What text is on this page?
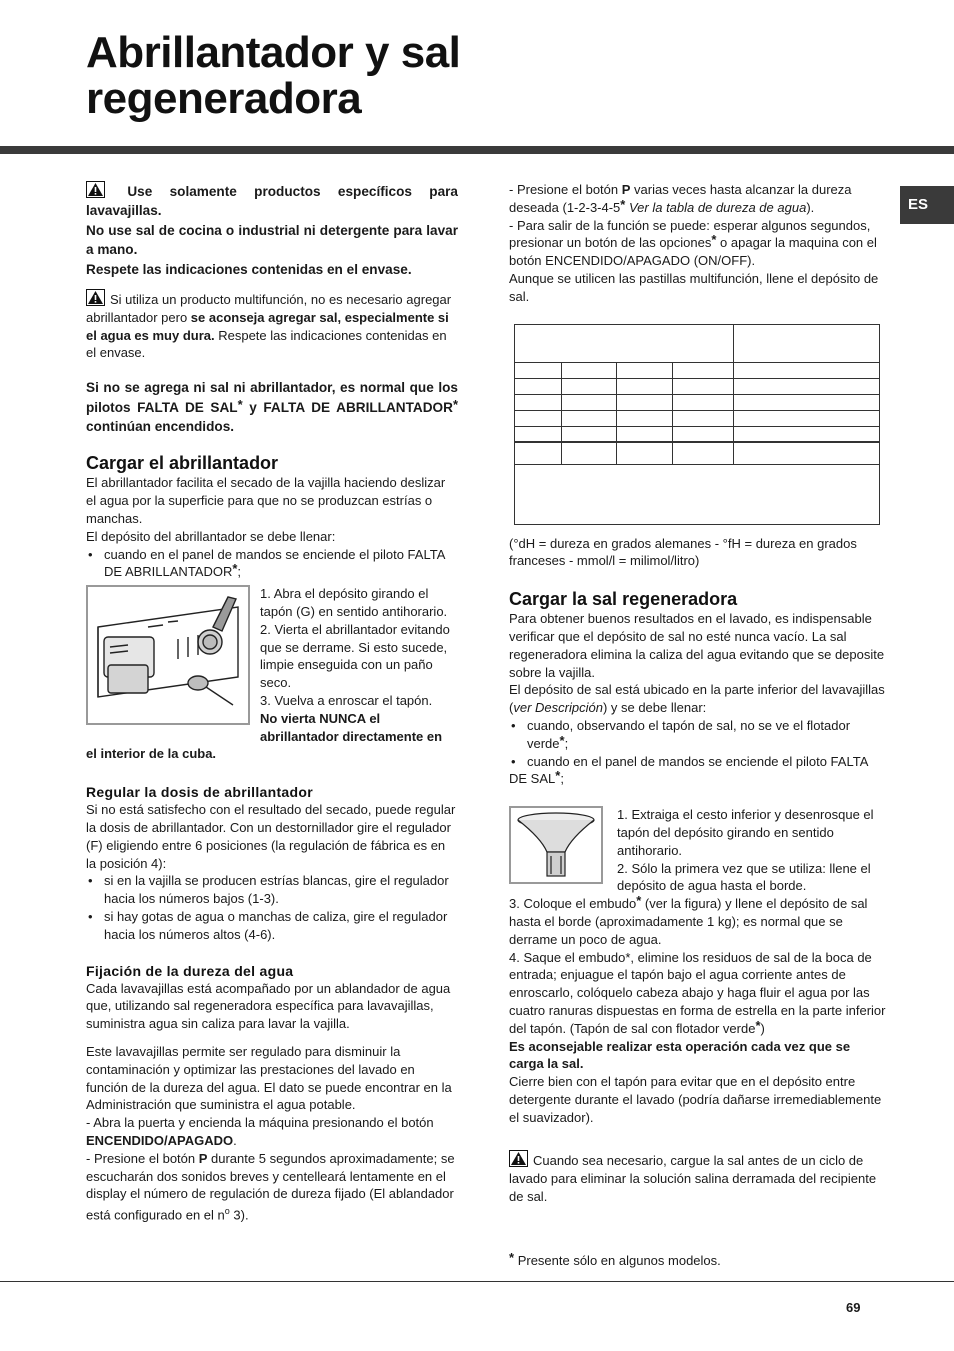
Abrillantador y sal
regeneradora
ES

Use solamente productos específicos para lavavajillas.

No use sal de cocina o industrial ni detergente para lavar a mano.

Respete las indicaciones contenidas en el envase.

Si utiliza un producto multifunción, no es necesario agregar abrillantador pero se aconseja agregar sal, especialmente si el agua es muy dura. Respete las indicaciones contenidas en el envase.

Si no se agrega ni sal ni abrillantador, es normal que los pilotos FALTA DE SAL* y FALTA DE ABRILLANTADOR* continúan encendidos.

Cargar el abrillantador

El abrillantador facilita el secado de la vajilla haciendo deslizar el agua por la superficie para que no se produzcan estrías o manchas.

El depósito del abrillantador se debe llenar:

• cuando en el panel de mandos se enciende el piloto FALTA DE ABRILLANTADOR*;

1. Abra el depósito girando el tapón (G) en sentido antihorario.

2. Vierta el abrillantador evitando que se derrame. Si esto sucede, limpie enseguida con un paño seco.

3. Vuelva a enroscar el tapón.

No vierta NUNCA el abrillantador directamente en

el interior de la cuba.

Regular la dosis de abrillantador

Si no está satisfecho con el resultado del secado, puede regular la dosis de abrillantador. Con un destornillador gire el regulador (F) eligiendo entre 6 posiciones (la regulación de fábrica es en la posición 4):

• si en la vajilla se producen estrías blancas, gire el regulador hacia los números bajos (1-3).
• si hay gotas de agua o manchas de caliza, gire el regulador hacia los números altos (4-6).
Fijación de la dureza del agua

Cada lavavajillas está acompañado por un ablandador de agua que, utilizando sal regeneradora específica para lavavajillas, suministra agua sin caliza para lavar la vajilla.

Este lavavajillas permite ser regulado para disminuir la contaminación y optimizar las prestaciones del lavado en función de la dureza del agua. El dato se puede encontrar en la Administración que suministra el agua potable.

- Abra la puerta y encienda la máquina presionando el botón ENCENDIDO/APAGADO.

- Presione el botón P durante 5 segundos aproximadamente; se escucharán dos sonidos breves y centelleará lentamente en el display el número de regulación de dureza fijado (El ablandador está configurado en el $n^o$ 3).

- Presione el botón P varias veces hasta alcanzar la dureza deseada (1-2-3-4-5* Ver la tabla de dureza de agua).

- Para salir de la función se puede: esperar algunos segundos, presionar un botón de las opciones* o apagar la maquina con el botón ENCENDIDO/APAGADO (ON/OFF).

Aunque se utilicen las pastillas multifunción, llene el depósito de sal.

(°dH = dureza en grados alemanes - °fH = dureza en grados franceses - mmol/l = milimol/litro)

Cargar la sal regeneradora

Para obtener buenos resultados en el lavado, es indispensable verificar que el depósito de sal no esté nunca vacío. La sal regeneradora elimina la caliza del agua evitando que se deposite sobre la vajilla.

El depósito de sal está ubicado en la parte inferior del lavavajillas (ver Descripción) y se debe llenar:

• cuando, observando el tapón de sal, no se ve el flotador verde*;
• cuando en el panel de mandos se enciende el piloto FALTA DE SAL*;

1. Extraiga el cesto inferior y desenrosque el tapón del depósito girando en sentido antihorario.

2. Sólo la primera vez que se utiliza: llene el depósito de agua hasta el borde.

3. Coloque el embudo* (ver la figura) y llene el depósito de sal hasta el borde (aproximadamente 1 kg); es normal que se derrame un poco de agua.

4. Saque el embudo*, elimine los residuos de sal de la boca de entrada; enjuague el tapón bajo el agua corriente antes de enroscarlo, colóquelo cabeza abajo y haga fluir el agua por las cuatro ranuras dispuestas en forma de estrella en la parte inferior del tapón. (Tapón de sal con flotador verde*)

Es aconsejable realizar esta operación cada vez que se carga la sal.

Cierre bien con el tapón para evitar que en el depósito entre detergente durante el lavado (podría dañarse irremediablemente el suavizador).

Cuando sea necesario, cargue la sal antes de un ciclo de lavado para eliminar la solución salina derramada del recipiente de sal.

* Presente sólo en algunos modelos.

69
